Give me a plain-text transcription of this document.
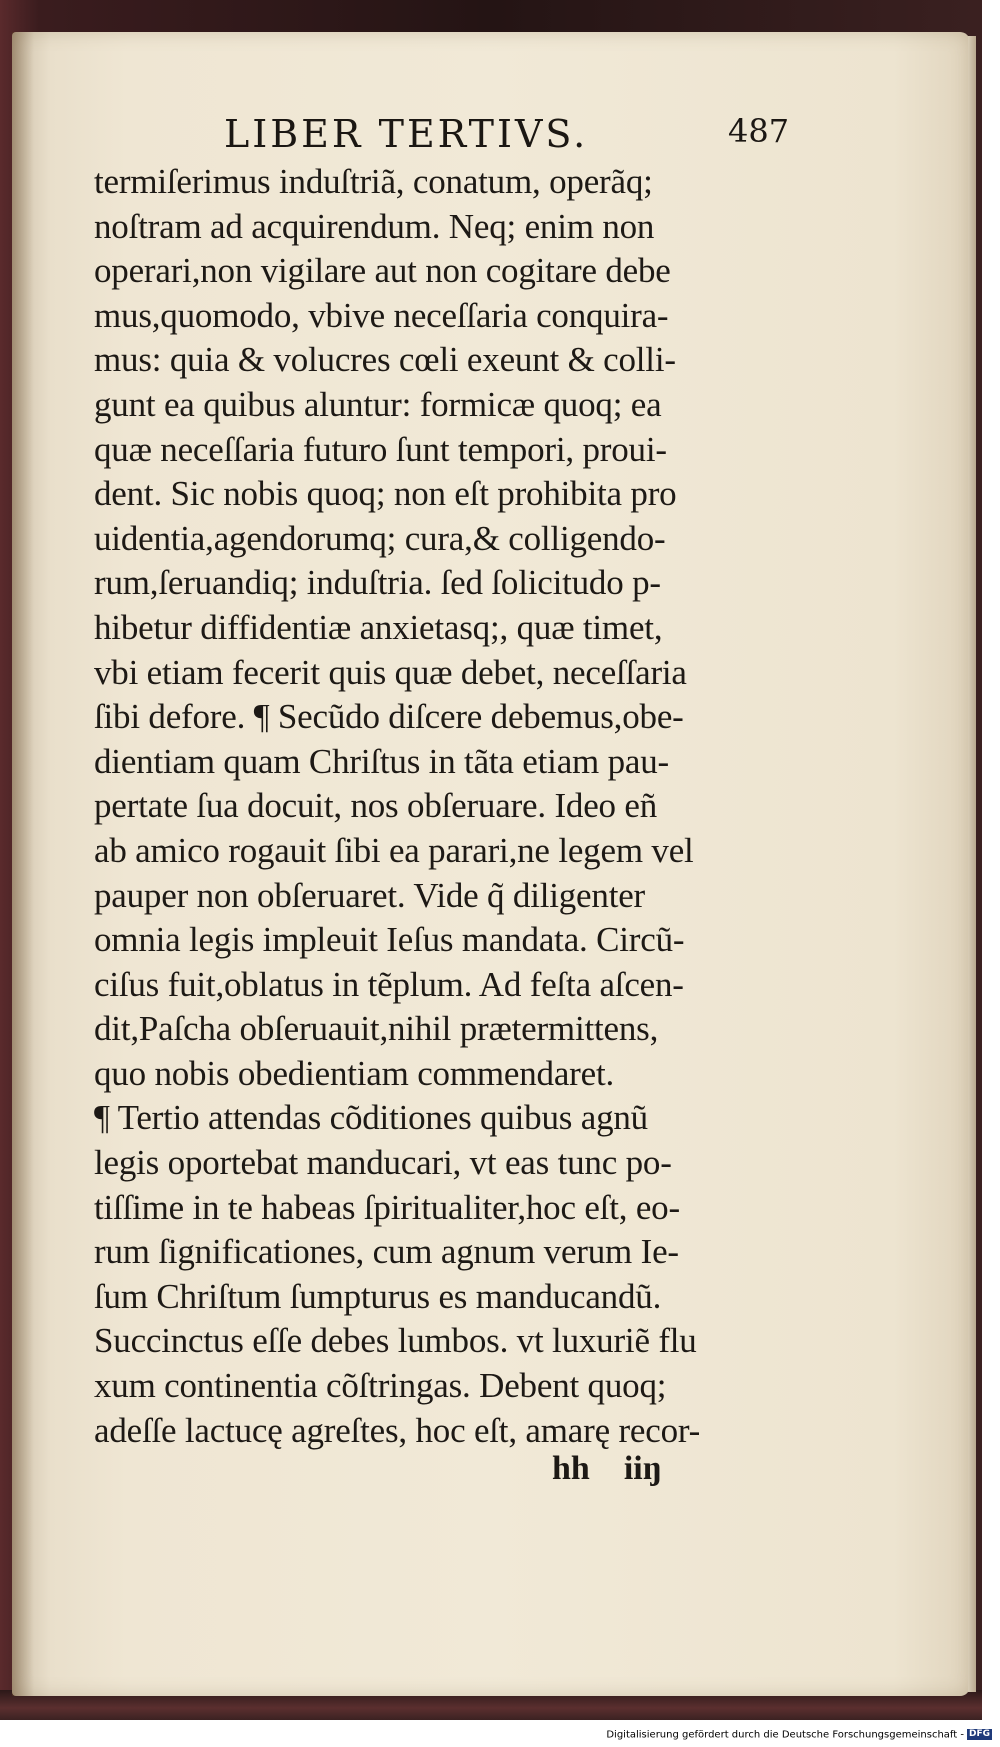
LIBER TERTIVS.	487
termiſerimus induſtriã, conatum, operãq;
noſtram ad acquirendum. Neq; enim non
operari,non vigilare aut non cogitare debe
mus,quomodo, vbive neceſſaria conquira-
mus: quia & volucres cœli exeunt & colli-
gunt ea quibus aluntur: formicæ quoq; ea
quæ neceſſaria futuro ſunt tempori, proui-
dent. Sic nobis quoq; non eſt prohibita pro
uidentia,agendorumq; cura,& colligendo-
rum,ſeruandiq; induſtria. ſed ſolicitudo p-
hibetur diffidentiæ anxietasq;, quæ timet,
vbi etiam fecerit quis quæ debet, neceſſaria
ſibi defore. ¶ Secũdo diſcere debemus,obe-
dientiam quam Chriſtus in tãta etiam pau-
pertate ſua docuit, nos obſeruare. Ideo eñ
ab amico rogauit ſibi ea parari,ne legem vel
pauper non obſeruaret. Vide q̃ diligenter
omnia legis impleuit Ieſus mandata. Circũ-
ciſus fuit,oblatus in tẽplum. Ad feſta aſcen-
dit,Paſcha obſeruauit,nihil prætermittens,
quo nobis obedientiam commendaret.
¶ Tertio attendas cõditiones quibus agnũ
legis oportebat manducari, vt eas tunc po-
tiſſime in te habeas ſpiritualiter,hoc eſt, eo-
rum ſignificationes, cum agnum verum Ie-
ſum Chriſtum ſumpturus es manducandũ.
Succinctus eſſe debes lumbos. vt luxuriẽ flu
xum continentia cõſtringas. Debent quoq;
adeſſe lactucę agreſtes, hoc eſt, amarę recor-
hh    iiŋ
Digitalisierung gefördert durch die Deutsche Forschungsgemeinschaft - DFG
